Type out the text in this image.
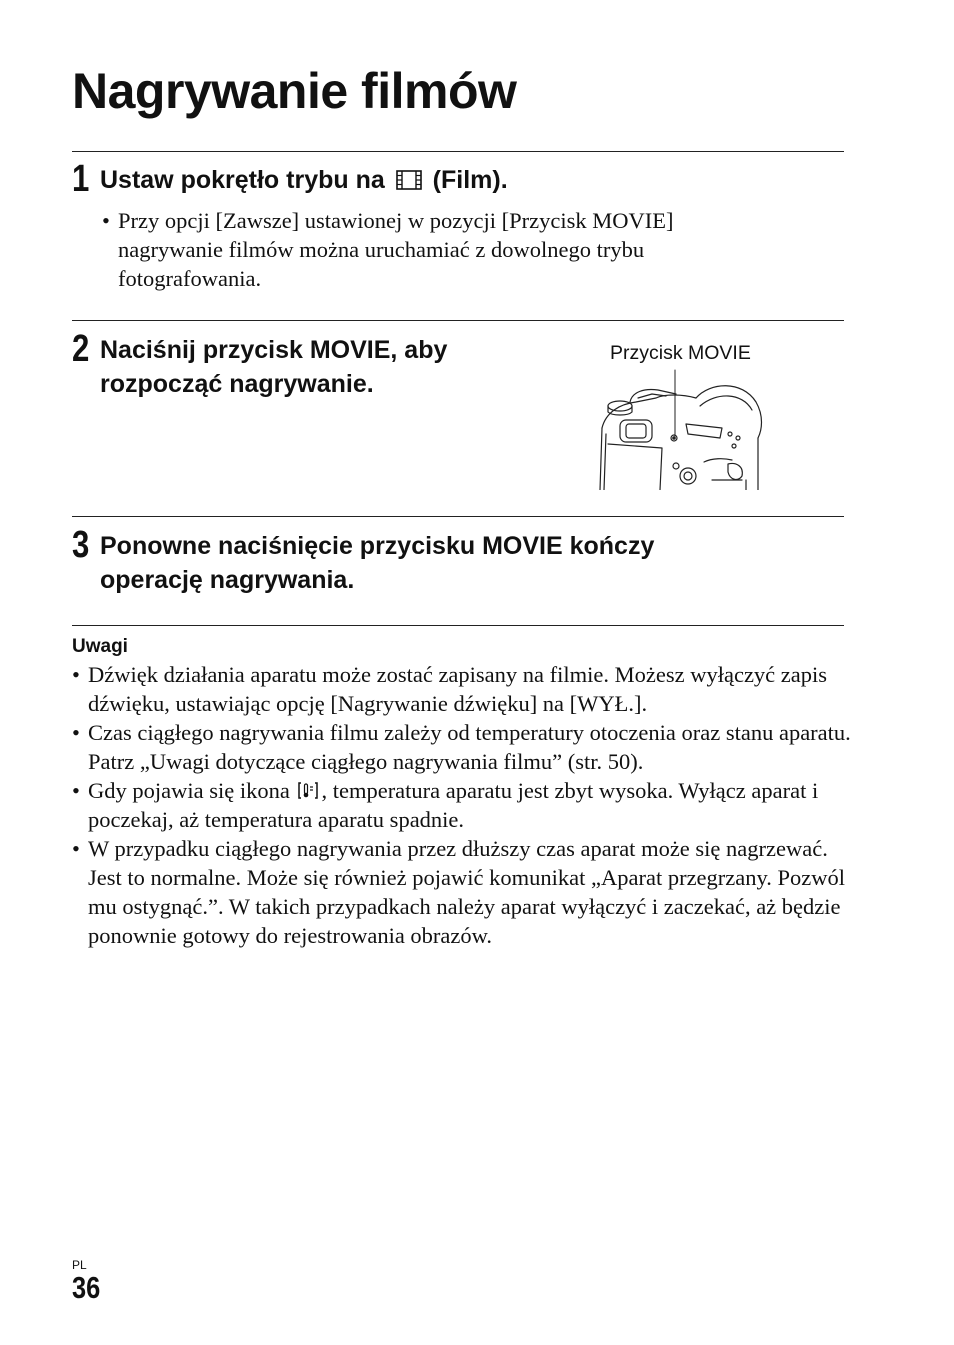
Nagrywanie filmów
1 Ustaw pokrętło trybu na (Film).
• Przy opcji [Zawsze] ustawionej w pozycji [Przycisk MOVIE] nagrywanie filmów można uruchamiać z dowolnego trybu fotografowania.
2 Naciśnij przycisk MOVIE, aby
rozpocząć nagrywanie.
Przycisk MOVIE
3 Ponowne naciśnięcie przycisku MOVIE kończy
operację nagrywania.
Uwagi
• Dźwięk działania aparatu może zostać zapisany na filmie. Możesz wyłączyć zapis dźwięku, ustawiając opcję [Nagrywanie dźwięku] na [WYŁ.].
• Czas ciągłego nagrywania filmu zależy od temperatury otoczenia oraz stanu aparatu. Patrz „Uwagi dotyczące ciągłego nagrywania filmu” (str. 50).
• Gdy pojawia się ikona , temperatura aparatu jest zbyt wysoka. Wyłącz aparat i poczekaj, aż temperatura aparatu spadnie.
• W przypadku ciągłego nagrywania przez dłuższy czas aparat może się nagrzewać. Jest to normalne. Może się również pojawić komunikat „Aparat przegrzany. Pozwól mu ostygnąć.”. W takich przypadkach należy aparat wyłączyć i zaczekać, aż będzie ponownie gotowy do rejestrowania obrazów.
PL
36
